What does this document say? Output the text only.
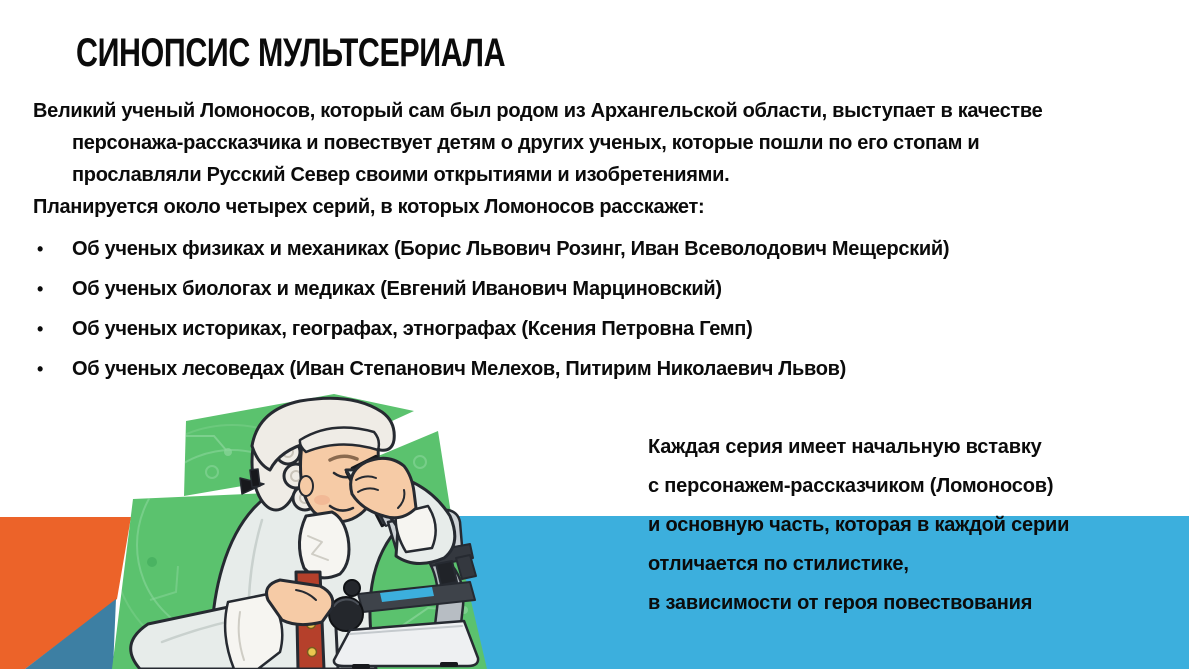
СИНОПСИС МУЛЬТСЕРИАЛА
Великий ученый Ломоносов, который сам был родом из Архангельской области, выступает в качестве
персонажа-рассказчика и повествует детям о других ученых, которые пошли по его стопам и
прославляли Русский Север своими открытиями и изобретениями.
Планируется около четырех серий, в которых Ломоносов расскажет:
• Об ученых физиках и механиках (Борис Львович Розинг, Иван Всеволодович Мещерский)
• Об ученых биологах и медиках (Евгений Иванович Марциновский)
• Об ученых историках, географах, этнографах (Ксения Петровна Гемп)
• Об ученых лесоведах (Иван Степанович Мелехов, Питирим Николаевич Львов)
Каждая серия имеет начальную вставку
с персонажем-рассказчиком (Ломоносов)
и основную часть, которая в каждой серии
отличается по стилистике,
в зависимости от героя повествования
